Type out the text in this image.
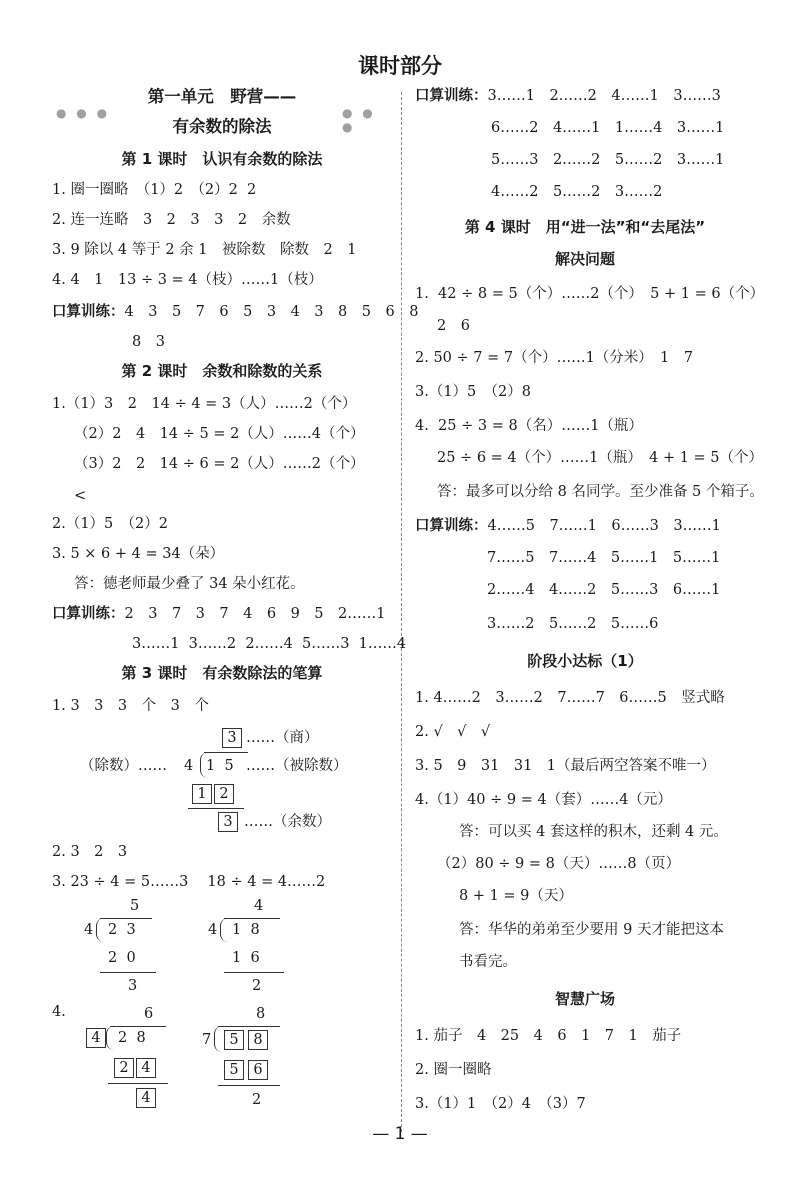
课时部分
● ● ●	● ● ●
第一单元　野营——
有余数的除法
第 1 课时　认识有余数的除法
1. 圈一圈略　（1）2　（2）2  2
2. 连一连略　3　2　3　3　2　余数
3. 9 除以 4 等于 2 余 1　被除数　除数　2　1
4. 4　1　13 ÷ 3 = 4（枝）……1（枝）
口算训练：4　3　5　7　6　5　3　4　3　8　5　6　8
8　3
第 2 课时　余数和除数的关系
1.（1）3　2　14 ÷ 4 = 3（人）……2（个）
（2）2　4　14 ÷ 5 = 2（人）……4（个）
（3）2　2　14 ÷ 6 = 2（人）……2（个）
<
2.（1）5　（2）2
3. 5 × 6 + 4 = 34（朵）
答：德老师最少叠了 34 朵小红花。
口算训练：2　3　7　3　7　4　6　9　5　2……1
3……1  3……2  2……4  5……3  1……4
第 3 课时　有余数除法的笔算
1. 3　3　3　个　3　个
3 ……（商）
（除数）…… 4 1  5 ……（被除数）
1 2
3 ……（余数）
2. 3　2　3
3. 23 ÷ 4 = 5……3　 18 ÷ 4 = 4……2
5
4 2  3
2  0
3
4
4 1  8
1  6
2
4.	6
4	2  8
2 4
4
8
7	5	8
5	6
2
口算训练：3……1　2……2　4……1　3……3
6……2　4……1　1……4　3……1
5……3　2……2　5……2　3……1
4……2　5……2　3……2
第 4 课时　用“进一法”和“去尾法”
解决问题
1.  42 ÷ 8 = 5（个）……2（个）　5 + 1 = 6（个）
2　6
2. 50 ÷ 7 = 7（个）……1（分米）　1　7
3.（1）5　（2）8
4.  25 ÷ 3 = 8（名）……1（瓶）
25 ÷ 6 = 4（个）……1（瓶）　4 + 1 = 5（个）
答：最多可以分给 8 名同学。至少准备 5 个箱子。
口算训练：4……5　7……1　6……3　3……1
7……5　7……4　5……1　5……1
2……4　4……2　5……3　6……1
3……2　5……2　5……6
阶段小达标（1）
1. 4……2　3……2　7……7　6……5　竖式略
2. √　√　√
3. 5　9　31　31　1（最后两空答案不唯一）
4.（1）40 ÷ 9 = 4（套）……4（元）
答：可以买 4 套这样的积木，还剩 4 元。
（2）80 ÷ 9 = 8（天）……8（页）
8 + 1 = 9（天）
答：华华的弟弟至少要用 9 天才能把这本
书看完。
智慧广场
1. 茄子　4　25　4　6　1　7　1　茄子
2. 圈一圈略
3.（1）1　（2）4　（3）7
— 1 —
